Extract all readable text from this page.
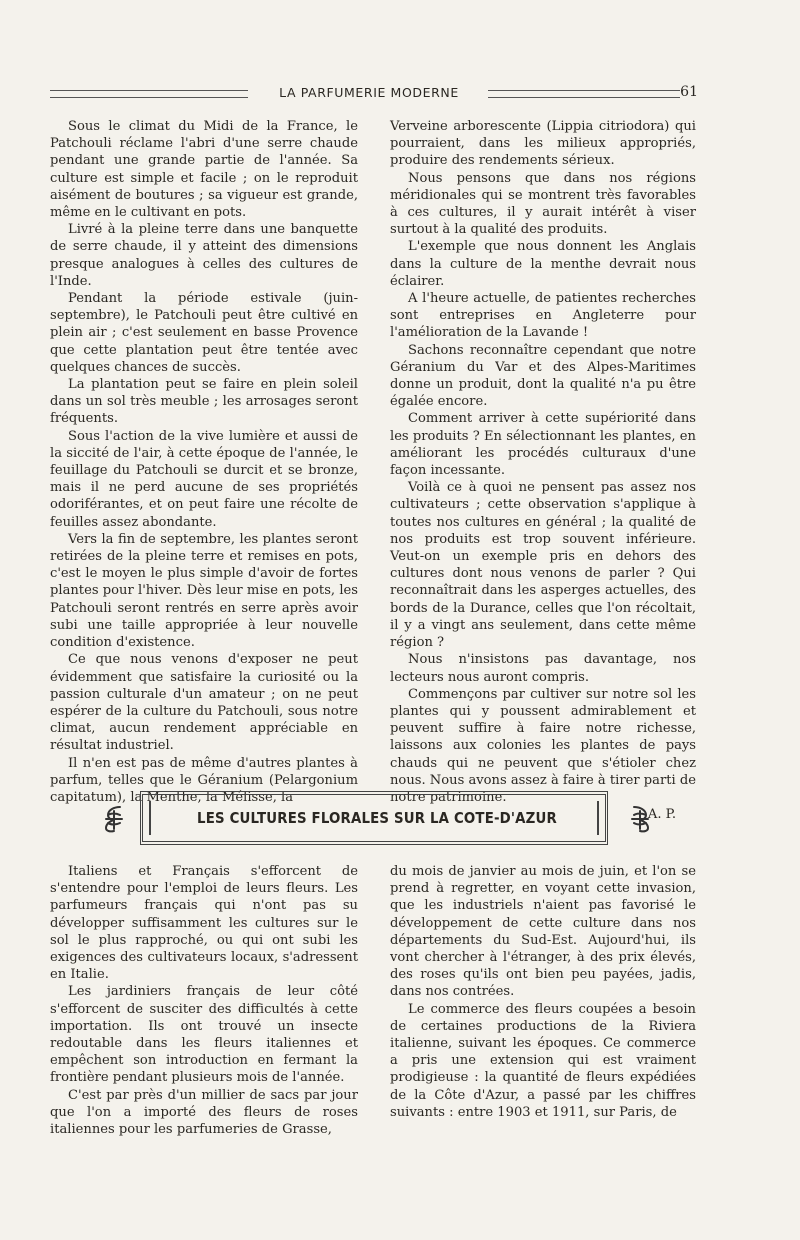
LA PARFUMERIE MODERNE	61

Sous le climat du Midi de la France, le Patchouli réclame l'abri d'une serre chaude pendant une grande partie de l'année. Sa culture est simple et facile ; on le reproduit aisément de boutures ; sa vigueur est grande, même en le cultivant en pots.

Livré à la pleine terre dans une banquette de serre chaude, il y atteint des dimensions presque analogues à celles des cultures de l'Inde.

Pendant la période estivale (juin-septembre), le Patchouli peut être cultivé en plein air ; c'est seulement en basse Provence que cette plantation peut être tentée avec quelques chances de succès.

La plantation peut se faire en plein soleil dans un sol très meuble ; les arrosages seront fréquents.

Sous l'action de la vive lumière et aussi de la siccité de l'air, à cette époque de l'année, le feuillage du Patchouli se durcit et se bronze, mais il ne perd aucune de ses propriétés odoriférantes, et on peut faire une récolte de feuilles assez abondante.

Vers la fin de septembre, les plantes seront retirées de la pleine terre et remises en pots, c'est le moyen le plus simple d'avoir de fortes plantes pour l'hiver. Dès leur mise en pots, les Patchouli seront rentrés en serre après avoir subi une taille appropriée à leur nouvelle condition d'existence.

Ce que nous venons d'exposer ne peut évidemment que satisfaire la curiosité ou la passion culturale d'un amateur ; on ne peut espérer de la culture du Patchouli, sous notre climat, aucun rendement appréciable en résultat industriel.

Il n'en est pas de même d'autres plantes à parfum, telles que le Géranium (Pelargonium capitatum), la Menthe, la Mélisse, la

Verveine arborescente (Lippia citriodora) qui pourraient, dans les milieux appropriés, produire des rendements sérieux.

Nous pensons que dans nos régions méridionales qui se montrent très favorables à ces cultures, il y aurait intérêt à viser surtout à la qualité des produits.

L'exemple que nous donnent les Anglais dans la culture de la menthe devrait nous éclairer.

A l'heure actuelle, de patientes recherches sont entreprises en Angleterre pour l'amélioration de la Lavande !

Sachons reconnaître cependant que notre Géranium du Var et des Alpes-Maritimes donne un produit, dont la qualité n'a pu être égalée encore.

Comment arriver à cette supériorité dans les produits ? En sélectionnant les plantes, en améliorant les procédés culturaux d'une façon incessante.

Voilà ce à quoi ne pensent pas assez nos cultivateurs ; cette observation s'applique à toutes nos cultures en général ; la qualité de nos produits est trop souvent inférieure. Veut-on un exemple pris en dehors des cultures dont nous venons de parler ? Qui reconnaîtrait dans les asperges actuelles, des bords de la Durance, celles que l'on récoltait, il y a vingt ans seulement, dans cette même région ?

Nous n'insistons pas davantage, nos lecteurs nous auront compris.

Commençons par cultiver sur notre sol les plantes qui y poussent admirablement et peuvent suffire à faire notre richesse, laissons aux colonies les plantes de pays chauds qui ne peuvent que s'étioler chez nous. Nous avons assez à faire à tirer parti de notre patrimoine.

A. P.
LES CULTURES FLORALES SUR LA COTE-D'AZUR

Italiens et Français s'efforcent de s'entendre pour l'emploi de leurs fleurs. Les parfumeurs français qui n'ont pas su développer suffisamment les cultures sur le sol le plus rapproché, ou qui ont subi les exigences des cultivateurs locaux, s'adressent en Italie.

Les jardiniers français de leur côté s'efforcent de susciter des difficultés à cette importation. Ils ont trouvé un insecte redoutable dans les fleurs italiennes et empêchent son introduction en fermant la frontière pendant plusieurs mois de l'année.

C'est par près d'un millier de sacs par jour que l'on a importé des fleurs de roses italiennes pour les parfumeries de Grasse,

du mois de janvier au mois de juin, et l'on se prend à regretter, en voyant cette invasion, que les industriels n'aient pas favorisé le développement de cette culture dans nos départements du Sud-Est. Aujourd'hui, ils vont chercher à l'étranger, à des prix élevés, des roses qu'ils ont bien peu payées, jadis, dans nos contrées.

Le commerce des fleurs coupées a besoin de certaines productions de la Riviera italienne, suivant les époques. Ce commerce a pris une extension qui est vraiment prodigieuse : la quantité de fleurs expédiées de la Côte d'Azur, a passé par les chiffres suivants : entre 1903 et 1911, sur Paris, de
